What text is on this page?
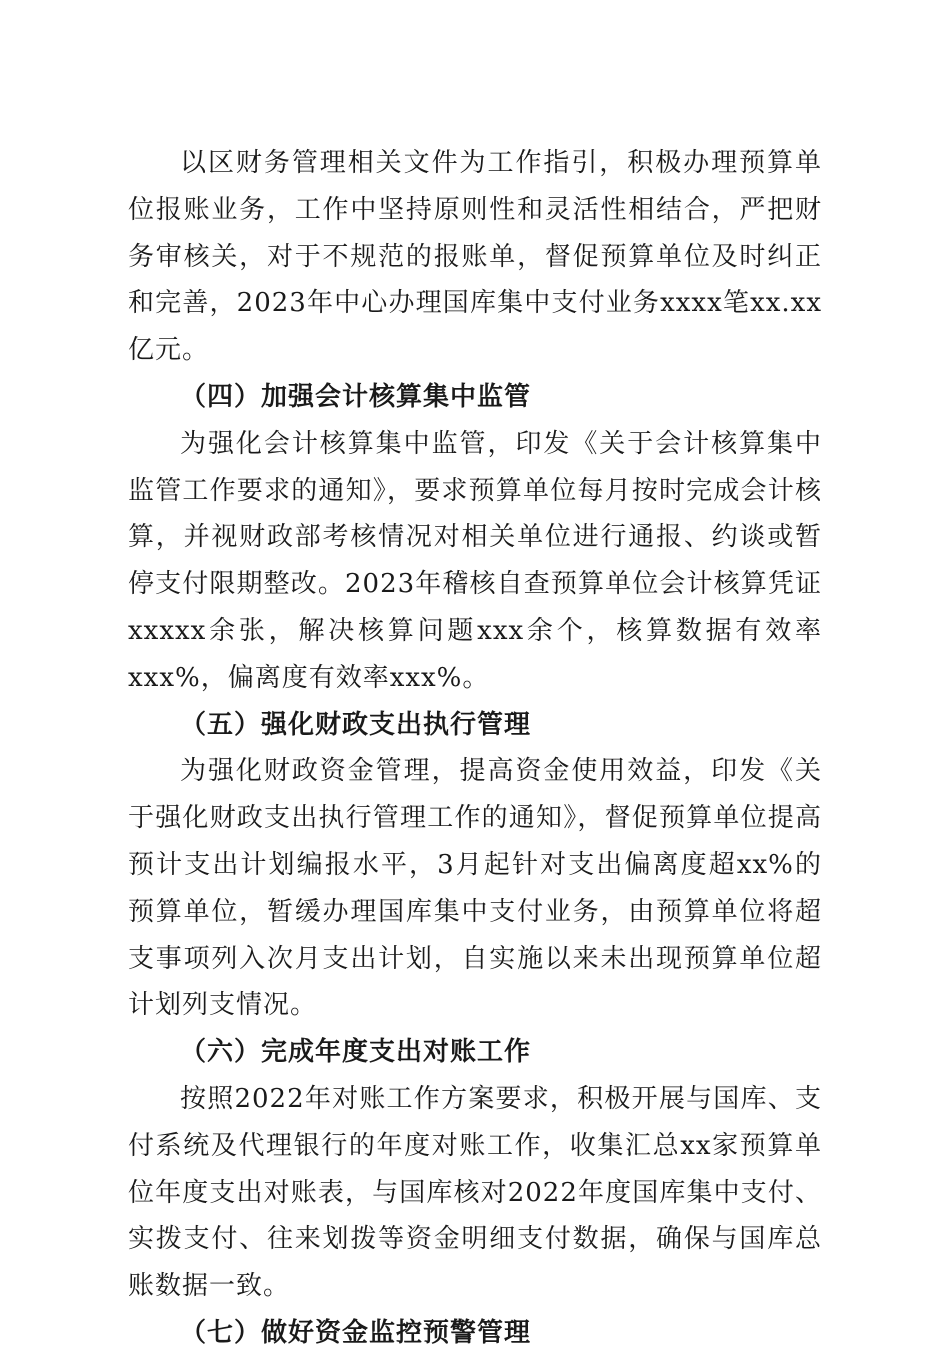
以区财务管理相关文件为工作指引，积极办理预算单位报账业务，工作中坚持原则性和灵活性相结合，严把财务审核关，对于不规范的报账单，督促预算单位及时纠正和完善，2023年中心办理国库集中支付业务xxxx笔xx.xx亿元。

（四）加强会计核算集中监管

为强化会计核算集中监管，印发《关于会计核算集中监管工作要求的通知》，要求预算单位每月按时完成会计核算，并视财政部考核情况对相关单位进行通报、约谈或暂停支付限期整改。2023年稽核自查预算单位会计核算凭证xxxxx余张，解决核算问题xxx余个，核算数据有效率xxx%，偏离度有效率xxx%。

（五）强化财政支出执行管理

为强化财政资金管理，提高资金使用效益，印发《关于强化财政支出执行管理工作的通知》，督促预算单位提高预计支出计划编报水平，3月起针对支出偏离度超xx%的预算单位，暂缓办理国库集中支付业务，由预算单位将超支事项列入次月支出计划，自实施以来未出现预算单位超计划列支情况。

（六）完成年度支出对账工作

按照2022年对账工作方案要求，积极开展与国库、支付系统及代理银行的年度对账工作，收集汇总xx家预算单位年度支出对账表，与国库核对2022年度国库集中支付、实拨支付、往来划拨等资金明细支付数据，确保与国库总账数据一致。

（七）做好资金监控预警管理
